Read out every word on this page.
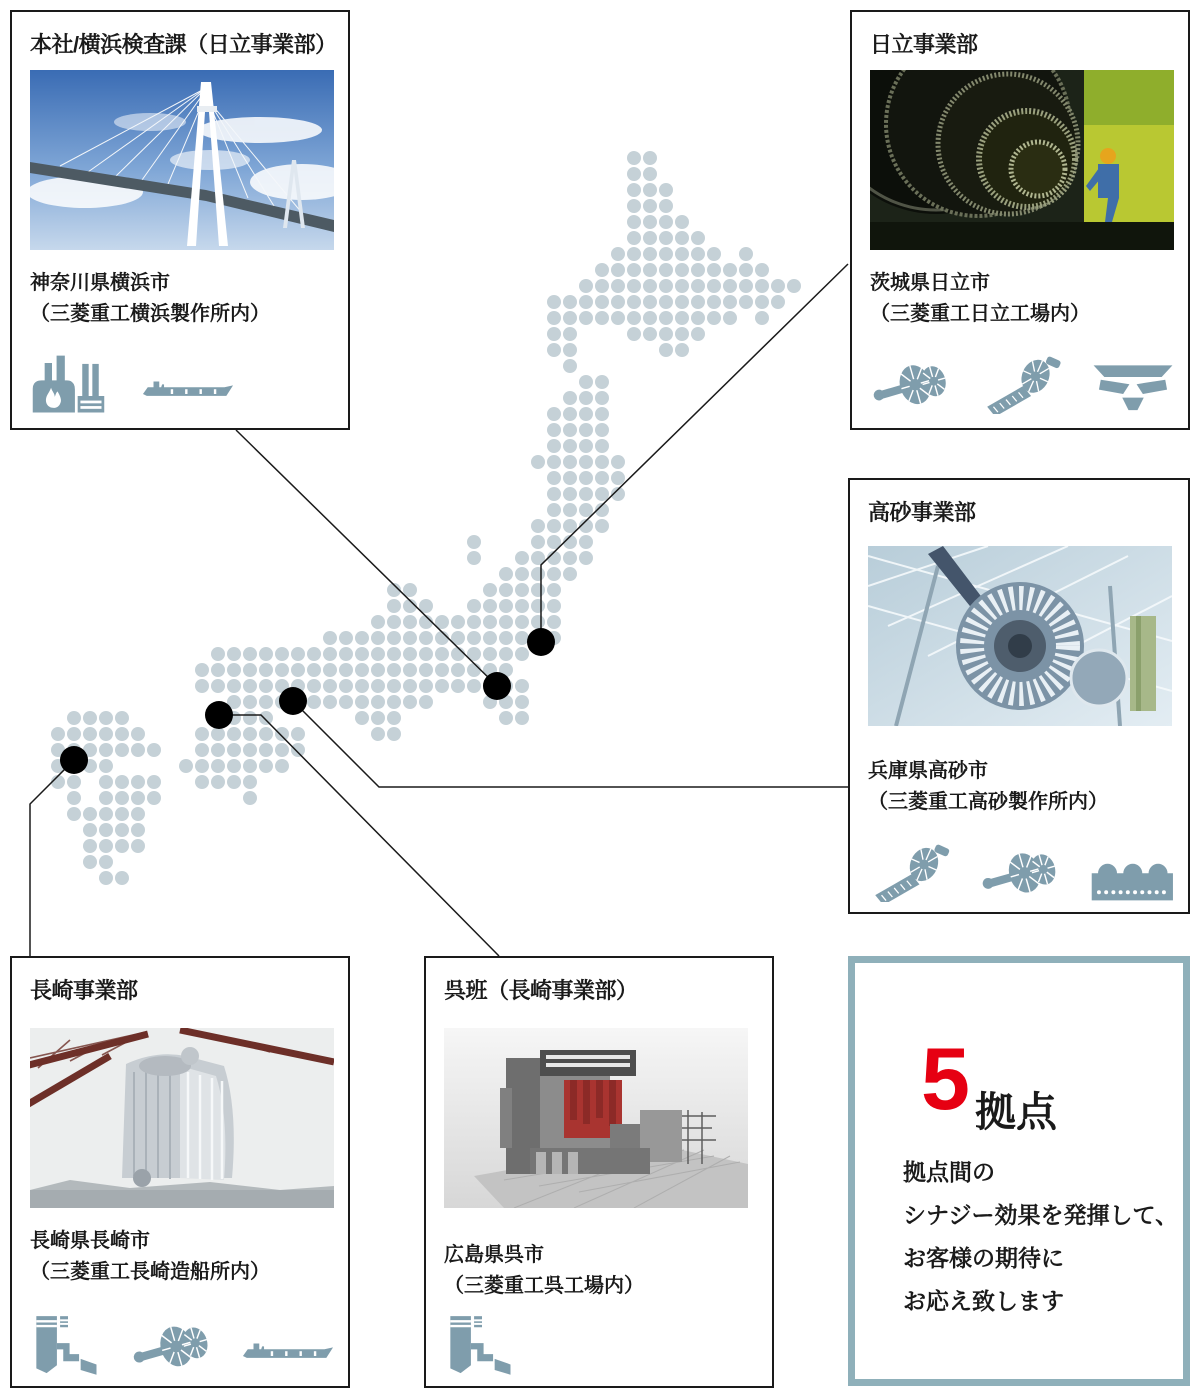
本社/横浜検査課（日立事業部）
神奈川県横浜市
（三菱重工横浜製作所内）
日立事業部
茨城県日立市
（三菱重工日立工場内）
高砂事業部
兵庫県高砂市
（三菱重工高砂製作所内）
長崎事業部
長崎県長崎市
（三菱重工長崎造船所内）
呉班（長崎事業部）
広島県呉市
（三菱重工呉工場内）
5 拠点
拠点間の
シナジー効果を発揮して、
お客様の期待に
お応え致します
